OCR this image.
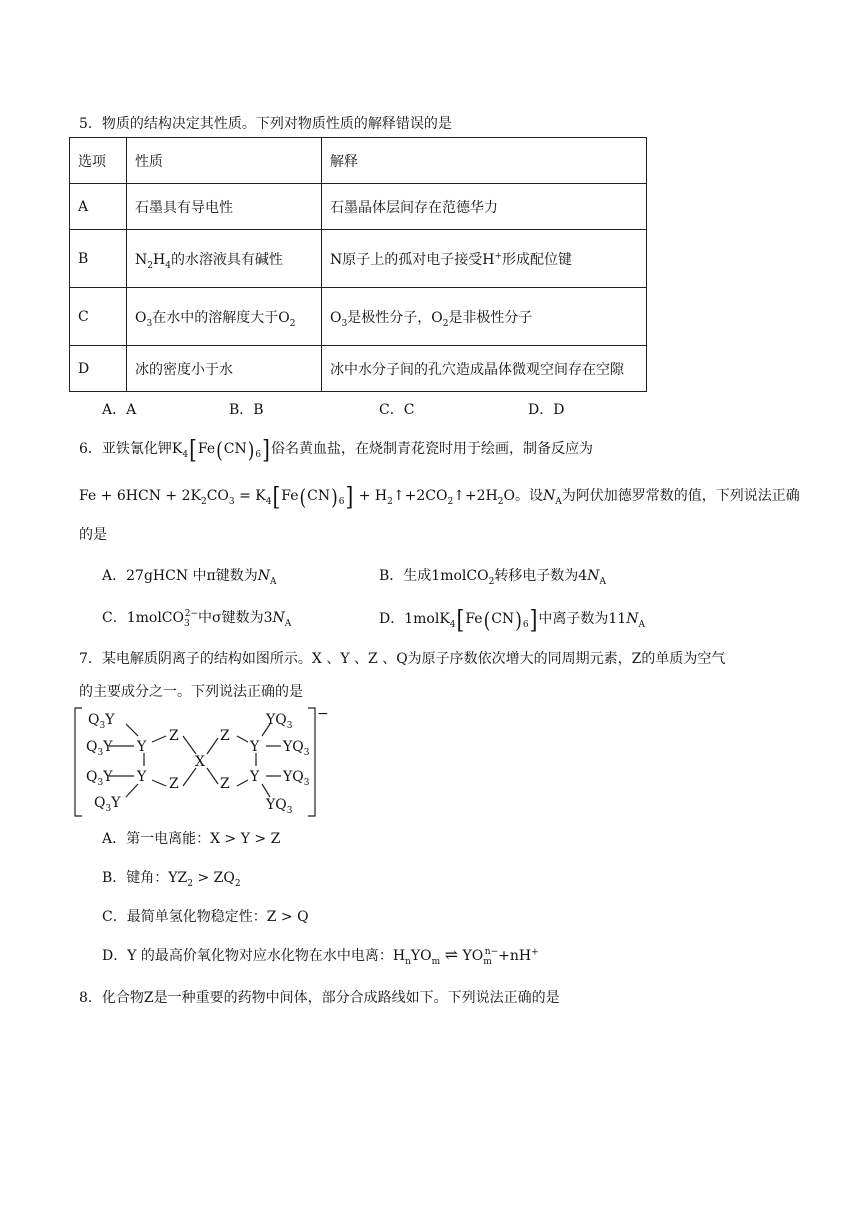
5．物质的结构决定其性质。下列对物质性质的解释错误的是
选项	性质	解释
A	石墨具有导电性	石墨晶体层间存在范德华力
B	$N_2H_4$的水溶液具有碱性	N原子上的孤对电子接受H+形成配位键
C	$O_3$在水中的溶解度大于$O_2$	$O_3$是极性分子，$O_2$是非极性分子
D	冰的密度小于水	冰中水分子间的孔穴造成晶体微观空间存在空隙
A．A	B．B	C．C	D．D
6．亚铁氰化钾$K_4[Fe(CN)_6]$俗名黄血盐，在烧制青花瓷时用于绘画，制备反应为
$Fe + 6HCN + 2K_2CO_3 = K_4[Fe(CN)_6]$ + $H_2↑+2CO_2↑+2H_2O$。设$N_A$为阿伏加德罗常数的值，下列说法正确
的是
A．27gHCN 中π键数为$N_A$	B．生成1molCO$_2$转移电子数为$4N_A$
C．1molCO$_3^{2-}$中σ键数为$3N_A$	D．$1molK_4[Fe(CN)_6]$中离子数为$11N_A$
7．某电解质阴离子的结构如图所示。X 、Y 、Z 、Q为原子序数依次增大的同周期元素，Z的单质为空气
的主要成分之一。下列说法正确的是
$Q_3Y$
$Q_3Y$ Y
$Q_3Y$ Y
$Q_3Y$
Z
Z
X
Z
Z
Y
Y
$YQ_3$
$YQ_3$
$YQ_3$
$YQ_3$
−
A．第一电离能：X > Y > Z
B．键角：$YZ_2 > ZQ_2$
C．最简单氢化物稳定性：Z > Q
D．Y 的最高价氧化物对应水化物在水中电离：$H_nYO_m$ ⇌ $YO_m^{n-}+nH^+$
8．化合物Z是一种重要的药物中间体，部分合成路线如下。下列说法正确的是
